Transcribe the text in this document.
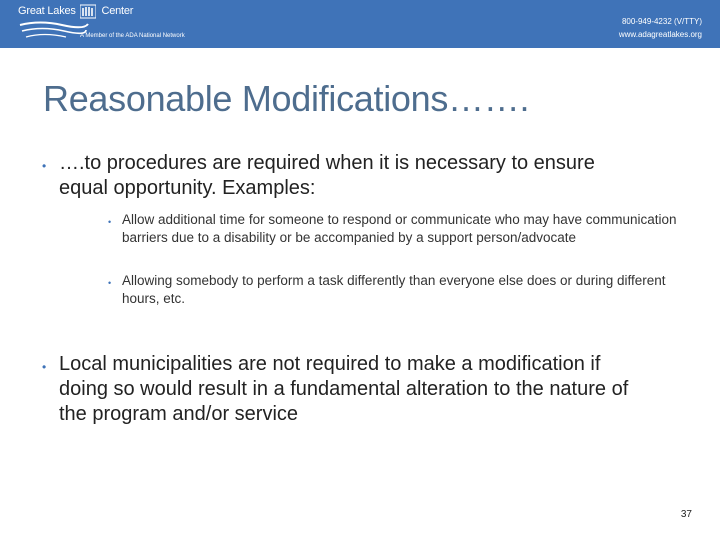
Great Lakes Center
A Member of the ADA National Network
800-949-4232 (V/TTY)
www.adagreatlakes.org
Reasonable Modifications…….
• ….to procedures are required when it is necessary to ensure equal opportunity. Examples:
• Allow additional time for someone to respond or communicate who may have communication barriers due to a disability or be accompanied by a support person/advocate
• Allowing somebody to perform a task differently than everyone else does or during different hours, etc.
• Local municipalities are not required to make a modification if doing so would result in a fundamental alteration to the nature of the program and/or service
37
